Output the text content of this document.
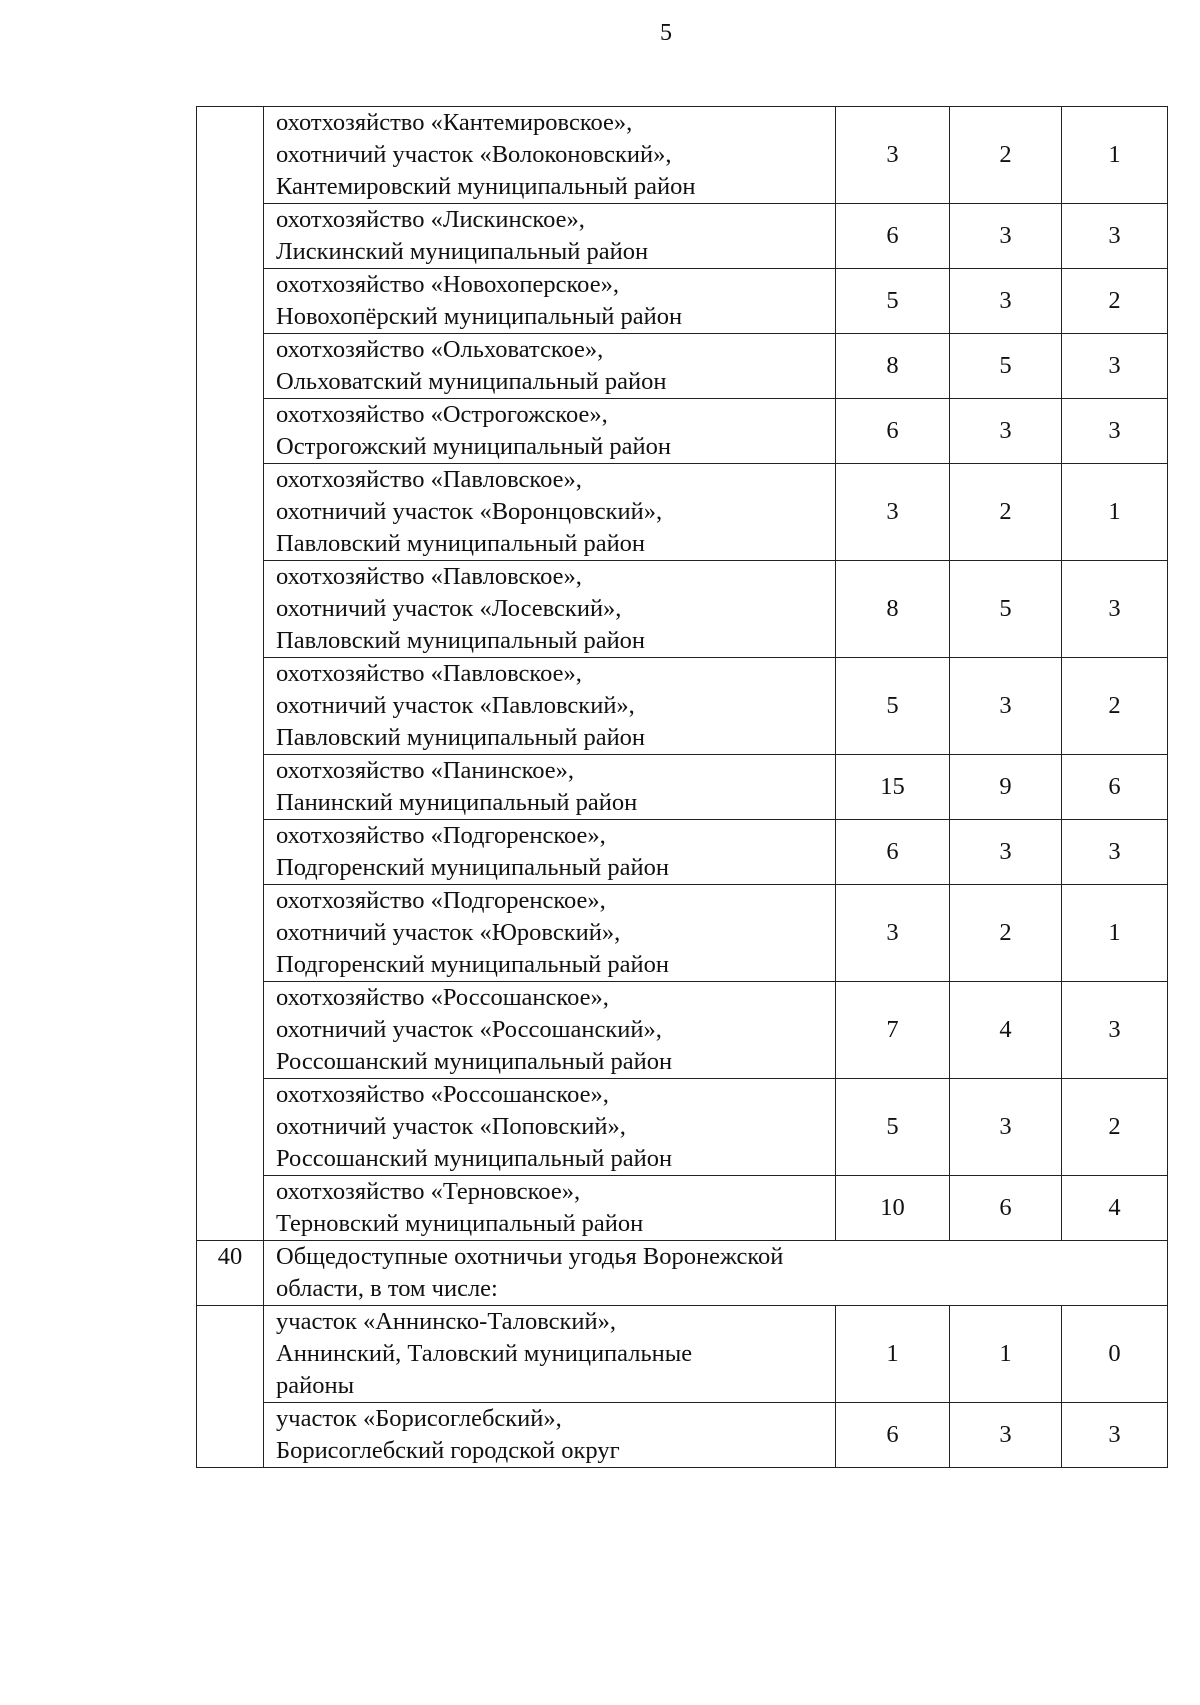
5
	охотхозяйство «Кантемировское»,
охотничий участок «Волоконовский»,
Кантемировский муниципальный район	3	2	1
	охотхозяйство «Лискинское»,
Лискинский муниципальный район	6	3	3
	охотхозяйство «Новохоперское»,
Новохопёрский муниципальный район	5	3	2
	охотхозяйство «Ольховатское»,
Ольховатский муниципальный район	8	5	3
	охотхозяйство «Острогожское»,
Острогожский муниципальный район	6	3	3
	охотхозяйство «Павловское»,
охотничий участок «Воронцовский»,
Павловский муниципальный район	3	2	1
	охотхозяйство «Павловское»,
охотничий участок «Лосевский»,
Павловский муниципальный район	8	5	3
	охотхозяйство «Павловское»,
охотничий участок «Павловский»,
Павловский муниципальный район	5	3	2
	охотхозяйство «Панинское»,
Панинский муниципальный район	15	9	6
	охотхозяйство «Подгоренское»,
Подгоренский муниципальный район	6	3	3
	охотхозяйство «Подгоренское»,
охотничий участок «Юровский»,
Подгоренский муниципальный район	3	2	1
	охотхозяйство «Россошанское»,
охотничий участок «Россошанский»,
Россошанский муниципальный район	7	4	3
	охотхозяйство «Россошанское»,
охотничий участок «Поповский»,
Россошанский муниципальный район	5	3	2
	охотхозяйство «Терновское»,
Терновский муниципальный район	10	6	4
40	Общедоступные охотничьи угодья Воронежской
области, в том числе:			
	участок «Аннинско-Таловский»,
Аннинский, Таловский муниципальные
районы	1	1	0
	участок «Борисоглебский»,
Борисоглебский городской округ	6	3	3
